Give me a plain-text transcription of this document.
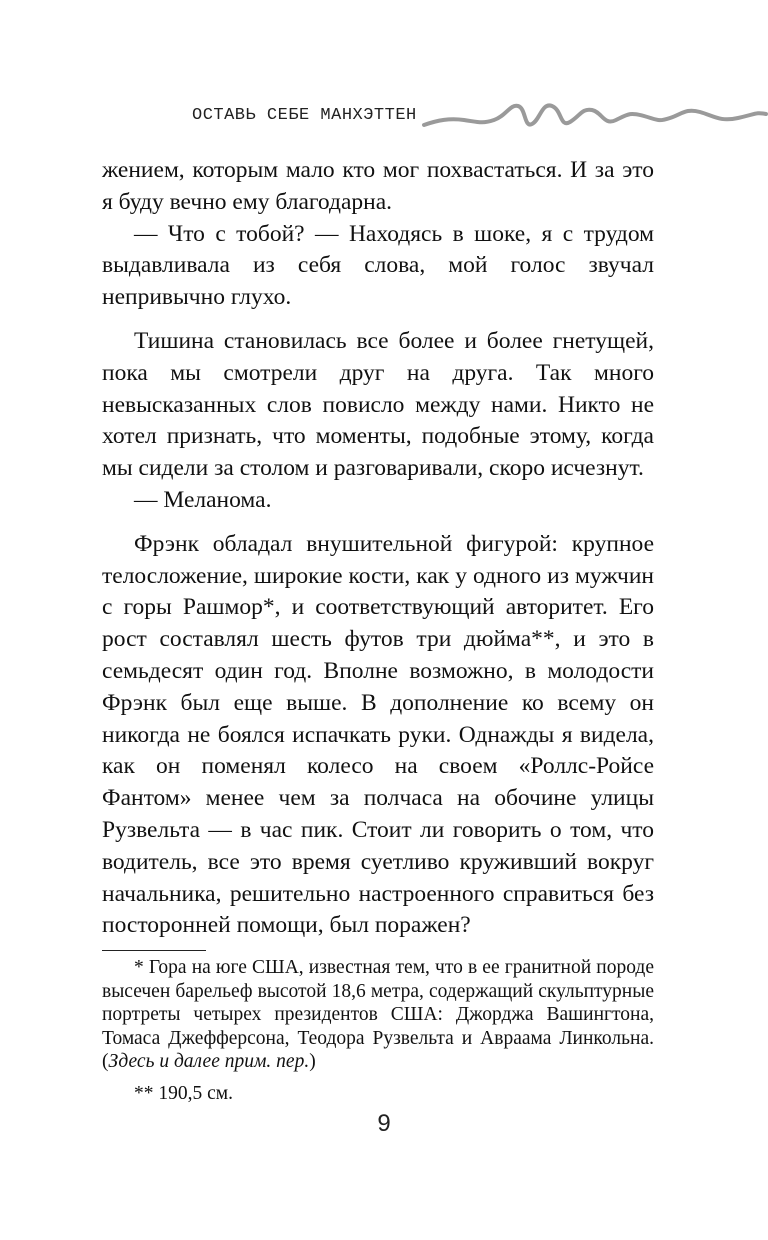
ОСТАВЬ СЕБЕ МАНХЭТТЕН

жением, которым мало кто мог похвастаться. И за это я буду вечно ему благодарна.

— Что с тобой? — Находясь в шоке, я с трудом выдавливала из себя слова, мой голос звучал непривычно глухо.

Тишина становилась все более и более гнетущей, пока мы смотрели друг на друга. Так много невысказанных слов повисло между нами. Никто не хотел признать, что моменты, подобные этому, когда мы сидели за столом и разговаривали, скоро исчезнут.

— Меланома.

Фрэнк обладал внушительной фигурой: крупное телосложение, широкие кости, как у одного из мужчин с горы Рашмор*, и соответствующий авторитет. Его рост составлял шесть футов три дюйма**, и это в семьдесят один год. Вполне возможно, в молодости Фрэнк был еще выше. В дополнение ко всему он никогда не боялся испачкать руки. Однажды я видела, как он поменял колесо на своем «Роллс-Ройсе Фантом» менее чем за полчаса на обочине улицы Рузвельта — в час пик. Стоит ли говорить о том, что водитель, все это время суетливо круживший вокруг начальника, решительно настроенного справиться без посторонней помощи, был поражен?

* Гора на юге США, известная тем, что в ее гранитной породе высечен барельеф высотой 18,6 метра, содержащий скульптурные портреты четырех президентов США: Джорджа Вашингтона, Томаса Джефферсона, Теодора Рузвельта и Авраама Линкольна. (Здесь и далее прим. пер.)

** 190,5 см.

9
